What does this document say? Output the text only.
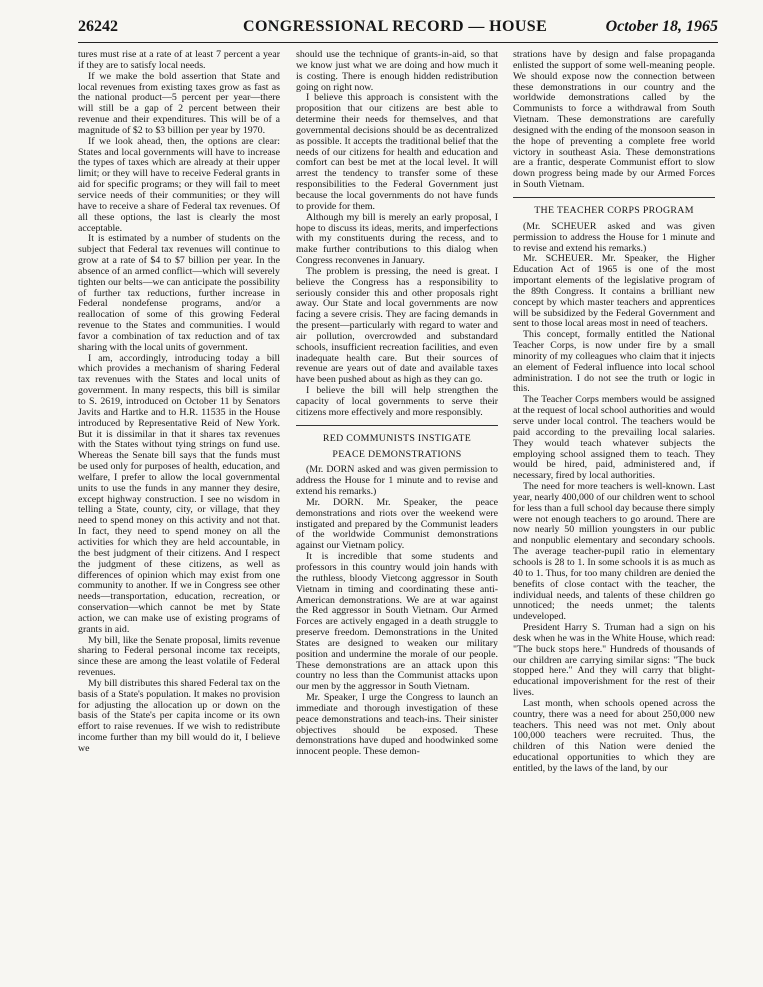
26242	CONGRESSIONAL RECORD — HOUSE	October 18, 1965

tures must rise at a rate of at least 7 percent a year if they are to satisfy local needs.

If we make the bold assertion that State and local revenues from existing taxes grow as fast as the national product—5 percent per year—there will still be a gap of 2 percent between their revenue and their expenditures. This will be of a magnitude of $2 to $3 billion per year by 1970.

If we look ahead, then, the options are clear: States and local governments will have to increase the types of taxes which are already at their upper limit; or they will have to receive Federal grants in aid for specific programs; or they will fail to meet service needs of their communities; or they will have to receive a share of Federal tax revenues. Of all these options, the last is clearly the most acceptable.

It is estimated by a number of students on the subject that Federal tax revenues will continue to grow at a rate of $4 to $7 billion per year. In the absence of an armed conflict—which will severely tighten our belts—we can anticipate the possibility of further tax reductions, further increase in Federal nondefense programs, and/or a reallocation of some of this growing Federal revenue to the States and communities. I would favor a combination of tax reduction and of tax sharing with the local units of government.

I am, accordingly, introducing today a bill which provides a mechanism of sharing Federal tax revenues with the States and local units of government. In many respects, this bill is similar to S. 2619, introduced on October 11 by Senators Javits and Hartke and to H.R. 11535 in the House introduced by Representative Reid of New York. But it is dissimilar in that it shares tax revenues with the States without tying strings on fund use. Whereas the Senate bill says that the funds must be used only for purposes of health, education, and welfare, I prefer to allow the local governmental units to use the funds in any manner they desire, except highway construction. I see no wisdom in telling a State, county, city, or village, that they need to spend money on this activity and not that. In fact, they need to spend money on all the activities for which they are held accountable, in the best judgment of their citizens. And I respect the judgment of these citizens, as well as differences of opinion which may exist from one community to another. If we in Congress see other needs—transportation, education, recreation, or conservation—which cannot be met by State action, we can make use of existing programs of grants in aid.

My bill, like the Senate proposal, limits revenue sharing to Federal personal income tax receipts, since these are among the least volatile of Federal revenues.

My bill distributes this shared Federal tax on the basis of a State's population. It makes no provision for adjusting the allocation up or down on the basis of the State's per capita income or its own effort to raise revenues. If we wish to redistribute income further than my bill would do it, I believe we

should use the technique of grants-in-aid, so that we know just what we are doing and how much it is costing. There is enough hidden redistribution going on right now.

I believe this approach is consistent with the proposition that our citizens are best able to determine their needs for themselves, and that governmental decisions should be as decentralized as possible. It accepts the traditional belief that the needs of our citizens for health and education and comfort can best be met at the local level. It will arrest the tendency to transfer some of these responsibilities to the Federal Government just because the local governments do not have funds to provide for them.

Although my bill is merely an early proposal, I hope to discuss its ideas, merits, and imperfections with my constituents during the recess, and to make further contributions to this dialog when Congress reconvenes in January.

The problem is pressing, the need is great. I believe the Congress has a responsibility to seriously consider this and other proposals right away. Our State and local governments are now facing a severe crisis. They are facing demands in the present—particularly with regard to water and air pollution, overcrowded and substandard schools, insufficient recreation facilities, and even inadequate health care. But their sources of revenue are years out of date and available taxes have been pushed about as high as they can go.

I believe the bill will help strengthen the capacity of local governments to serve their citizens more effectively and more responsibly.

RED COMMUNISTS INSTIGATE

PEACE DEMONSTRATIONS

(Mr. DORN asked and was given permission to address the House for 1 minute and to revise and extend his remarks.)

Mr. DORN. Mr. Speaker, the peace demonstrations and riots over the weekend were instigated and prepared by the Communist leaders of the worldwide Communist demonstrations against our Vietnam policy.

It is incredible that some students and professors in this country would join hands with the ruthless, bloody Vietcong aggressor in South Vietnam in timing and coordinating these anti-American demonstrations. We are at war against the Red aggressor in South Vietnam. Our Armed Forces are actively engaged in a death struggle to preserve freedom. Demonstrations in the United States are designed to weaken our military position and undermine the morale of our people. These demonstrations are an attack upon this country no less than the Communist attacks upon our men by the aggressor in South Vietnam.

Mr. Speaker, I urge the Congress to launch an immediate and thorough investigation of these peace demonstrations and teach-ins. Their sinister objectives should be exposed. These demonstrations have duped and hoodwinked some innocent people. These demon-

strations have by design and false propaganda enlisted the support of some well-meaning people. We should expose now the connection between these demonstrations in our country and the worldwide demonstrations called by the Communists to force a withdrawal from South Vietnam. These demonstrations are carefully designed with the ending of the monsoon season in the hope of preventing a complete free world victory in southeast Asia. These demonstrations are a frantic, desperate Communist effort to slow down progress being made by our Armed Forces in South Vietnam.

THE TEACHER CORPS PROGRAM

(Mr. SCHEUER asked and was given permission to address the House for 1 minute and to revise and extend his remarks.)

Mr. SCHEUER. Mr. Speaker, the Higher Education Act of 1965 is one of the most important elements of the legislative program of the 89th Congress. It contains a brilliant new concept by which master teachers and apprentices will be subsidized by the Federal Government and sent to those local areas most in need of teachers.

This concept, formally entitled the National Teacher Corps, is now under fire by a small minority of my colleagues who claim that it injects an element of Federal influence into local school administration. I do not see the truth or logic in this.

The Teacher Corps members would be assigned at the request of local school authorities and would serve under local control. The teachers would be paid according to the prevailing local salaries. They would teach whatever subjects the employing school assigned them to teach. They would be hired, paid, administered and, if necessary, fired by local authorities.

The need for more teachers is well-known. Last year, nearly 400,000 of our children went to school for less than a full school day because there simply were not enough teachers to go around. There are now nearly 50 million youngsters in our public and nonpublic elementary and secondary schools. The average teacher-pupil ratio in elementary schools is 28 to 1. In some schools it is as much as 40 to 1. Thus, for too many children are denied the benefits of close contact with the teacher, the individual needs, and talents of these children go unnoticed; the needs unmet; the talents undeveloped.

President Harry S. Truman had a sign on his desk when he was in the White House, which read: "The buck stops here." Hundreds of thousands of our children are carrying similar signs: "The buck stopped here." And they will carry that blight-educational impoverishment for the rest of their lives.

Last month, when schools opened across the country, there was a need for about 250,000 new teachers. This need was not met. Only about 100,000 teachers were recruited. Thus, the children of this Nation were denied the educational opportunities to which they are entitled, by the laws of the land, by our
